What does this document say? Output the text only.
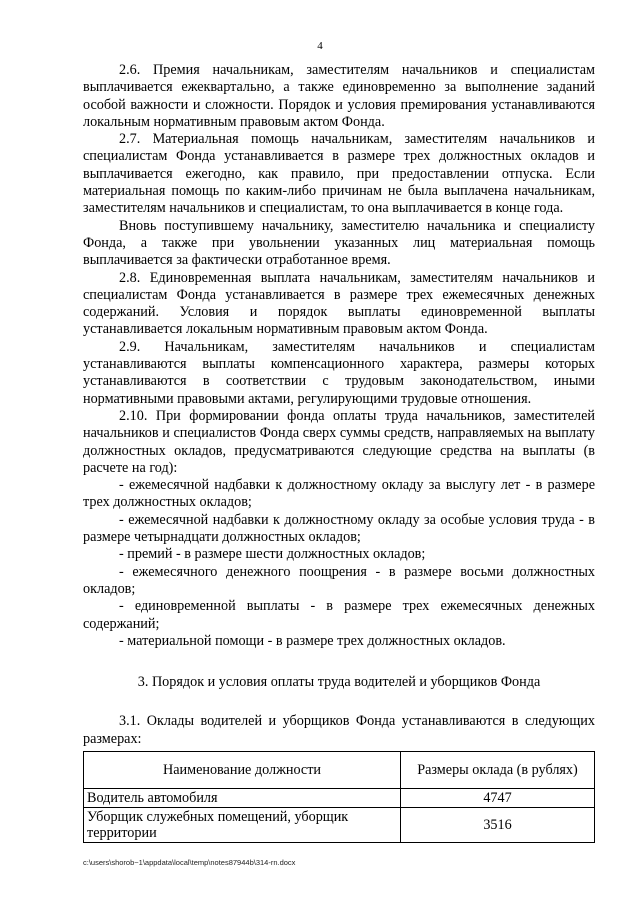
4

2.6. Премия начальникам, заместителям начальников и специалистам выплачивается ежеквартально, а также единовременно за выполнение заданий особой важности и сложности. Порядок и условия премирования устанавливаются локальным нормативным правовым актом Фонда.

2.7. Материальная помощь начальникам, заместителям начальников и специалистам Фонда устанавливается в размере трех должностных окладов и выплачивается ежегодно, как правило, при предоставлении отпуска. Если материальная помощь по каким-либо причинам не была выплачена начальникам, заместителям начальников и специалистам, то она выплачивается в конце года.

Вновь поступившему начальнику, заместителю начальника и специалисту Фонда, а также при увольнении указанных лиц материальная помощь выплачивается за фактически отработанное время.

2.8. Единовременная выплата начальникам, заместителям начальников и специалистам Фонда устанавливается в размере трех ежемесячных денежных содержаний. Условия и порядок выплаты единовременной выплаты устанавливается локальным нормативным правовым актом Фонда.

2.9. Начальникам, заместителям начальников и специалистам устанавливаются выплаты компенсационного характера, размеры которых устанавливаются в соответствии с трудовым законодательством, иными нормативными правовыми актами, регулирующими трудовые отношения.

2.10. При формировании фонда оплаты труда начальников, заместителей начальников и специалистов Фонда сверх суммы средств, направляемых на выплату должностных окладов, предусматриваются следующие средства на выплаты (в расчете на год):

- ежемесячной надбавки к должностному окладу за выслугу лет - в размере трех должностных окладов;

- ежемесячной надбавки к должностному окладу за особые условия труда - в размере четырнадцати должностных окладов;

- премий - в размере шести должностных окладов;

- ежемесячного денежного поощрения - в размере восьми должностных окладов;

- единовременной выплаты - в размере трех ежемесячных денежных содержаний;

- материальной помощи - в размере трех должностных окладов.

3. Порядок и условия оплаты труда водителей и уборщиков Фонда

3.1. Оклады водителей и уборщиков Фонда устанавливаются в следующих размерах:

Наименование должности	Размеры оклада (в рублях)
Водитель автомобиля	4747
Уборщик служебных помещений, уборщик территории	3516
c:\users\shorob~1\appdata\local\temp\notes87944b\314-rn.docx
